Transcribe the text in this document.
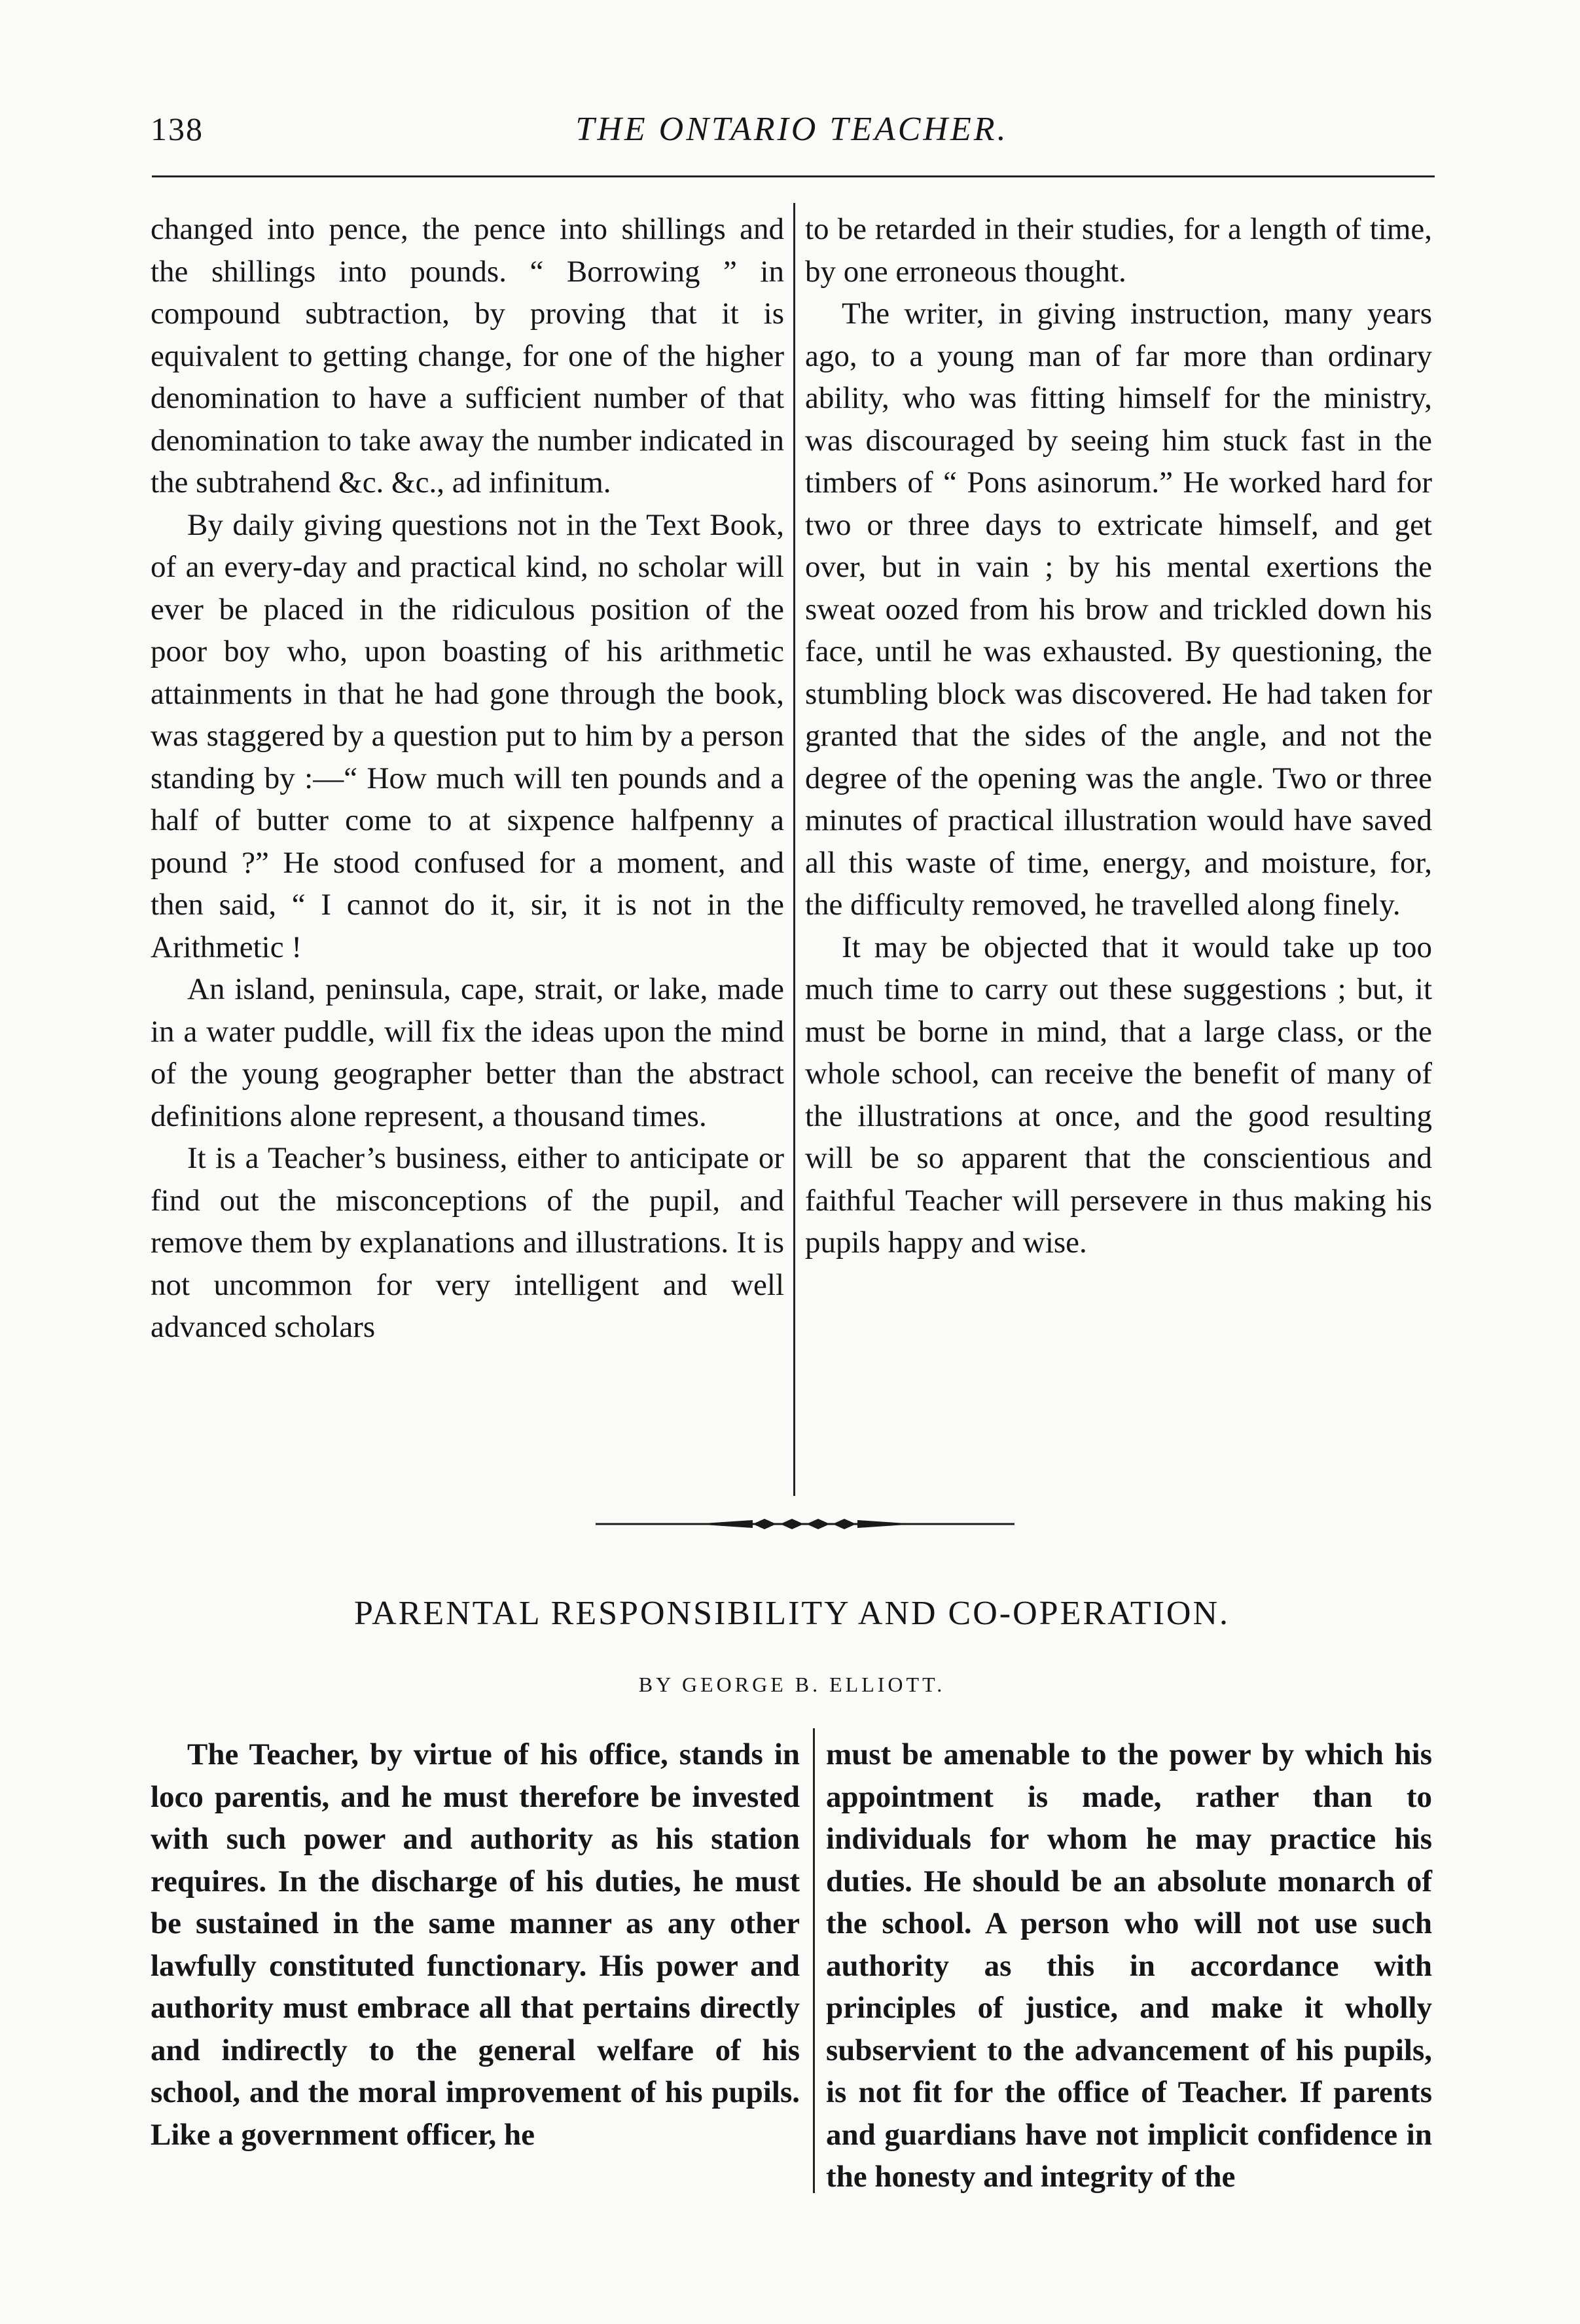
138	THE ONTARIO TEACHER.

changed into pence, the pence into shillings and the shillings into pounds. “ Borrowing ” in compound subtraction, by proving that it is equivalent to getting change, for one of the higher denomination to have a sufficient number of that denomination to take away the number indicated in the subtrahend &c. &c., ad infinitum.

By daily giving questions not in the Text Book, of an every-day and practical kind, no scholar will ever be placed in the ridiculous position of the poor boy who, upon boasting of his arithmetic attainments in that he had gone through the book, was staggered by a question put to him by a person standing by :—“ How much will ten pounds and a half of butter come to at sixpence halfpenny a pound ?” He stood confused for a moment, and then said, “ I cannot do it, sir, it is not in the Arithmetic !

An island, peninsula, cape, strait, or lake, made in a water puddle, will fix the ideas upon the mind of the young geographer better than the abstract definitions alone represent, a thousand times.

It is a Teacher’s business, either to anticipate or find out the misconceptions of the pupil, and remove them by explanations and illustrations. It is not uncommon for very intelligent and well advanced scholars

to be retarded in their studies, for a length of time, by one erroneous thought.

The writer, in giving instruction, many years ago, to a young man of far more than ordinary ability, who was fitting himself for the ministry, was discouraged by seeing him stuck fast in the timbers of “ Pons asinorum.” He worked hard for two or three days to extricate himself, and get over, but in vain ; by his mental exertions the sweat oozed from his brow and trickled down his face, until he was exhausted. By questioning, the stumbling block was discovered. He had taken for granted that the sides of the angle, and not the degree of the opening was the angle. Two or three minutes of practical illustration would have saved all this waste of time, energy, and moisture, for, the difficulty removed, he travelled along finely.

It may be objected that it would take up too much time to carry out these suggestions ; but, it must be borne in mind, that a large class, or the whole school, can receive the benefit of many of the illustrations at once, and the good resulting will be so apparent that the conscientious and faithful Teacher will persevere in thus making his pupils happy and wise.

PARENTAL RESPONSIBILITY AND CO-OPERATION.
BY GEORGE B. ELLIOTT.

The Teacher, by virtue of his office, stands in loco parentis, and he must therefore be invested with such power and authority as his station requires. In the discharge of his duties, he must be sustained in the same manner as any other lawfully constituted functionary. His power and authority must embrace all that pertains directly and indirectly to the general welfare of his school, and the moral improvement of his pupils. Like a government officer, he

must be amenable to the power by which his appointment is made, rather than to individuals for whom he may practice his duties. He should be an absolute monarch of the school. A person who will not use such authority as this in accordance with principles of justice, and make it wholly subservient to the advancement of his pupils, is not fit for the office of Teacher. If parents and guardians have not implicit confidence in the honesty and integrity of the
